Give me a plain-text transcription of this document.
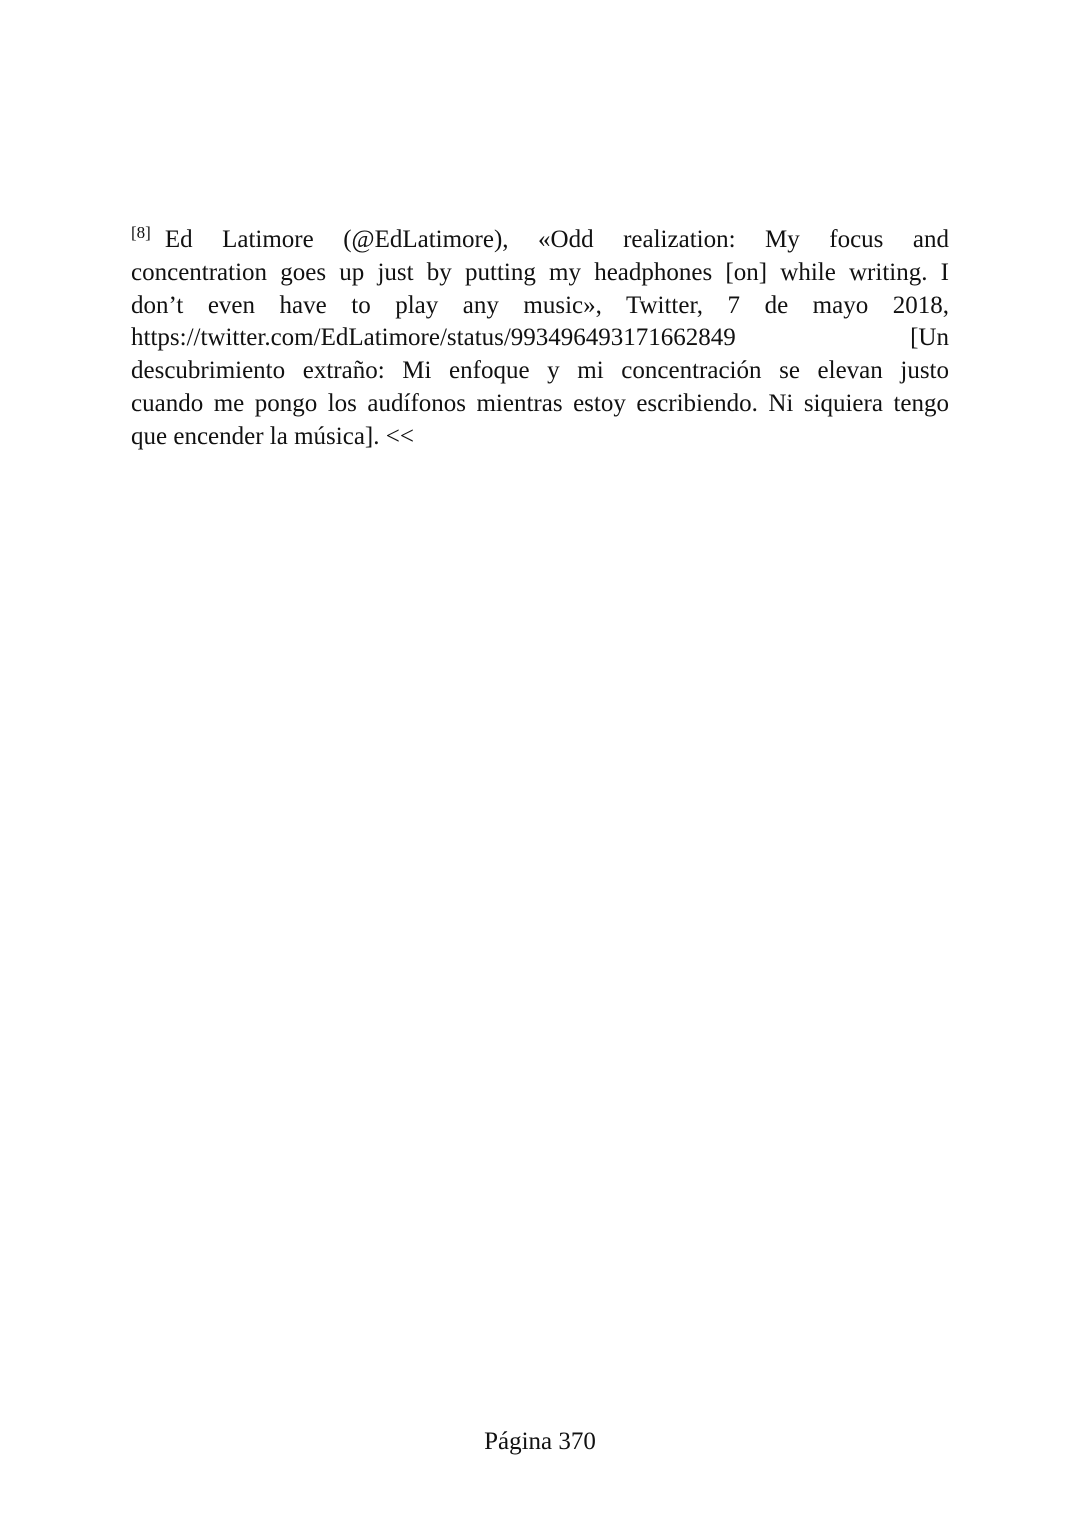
[8] Ed Latimore (@EdLatimore), «Odd realization: My focus and
concentration goes up just by putting my headphones [on] while writing. I
don’t even have to play any music», Twitter, 7 de mayo 2018,
https://twitter.com/EdLatimore/status/993496493171662849	[Un
descubrimiento extraño: Mi enfoque y mi concentración se elevan justo
cuando me pongo los audífonos mientras estoy escribiendo. Ni siquiera tengo
que encender la música]. <<
Página 370
